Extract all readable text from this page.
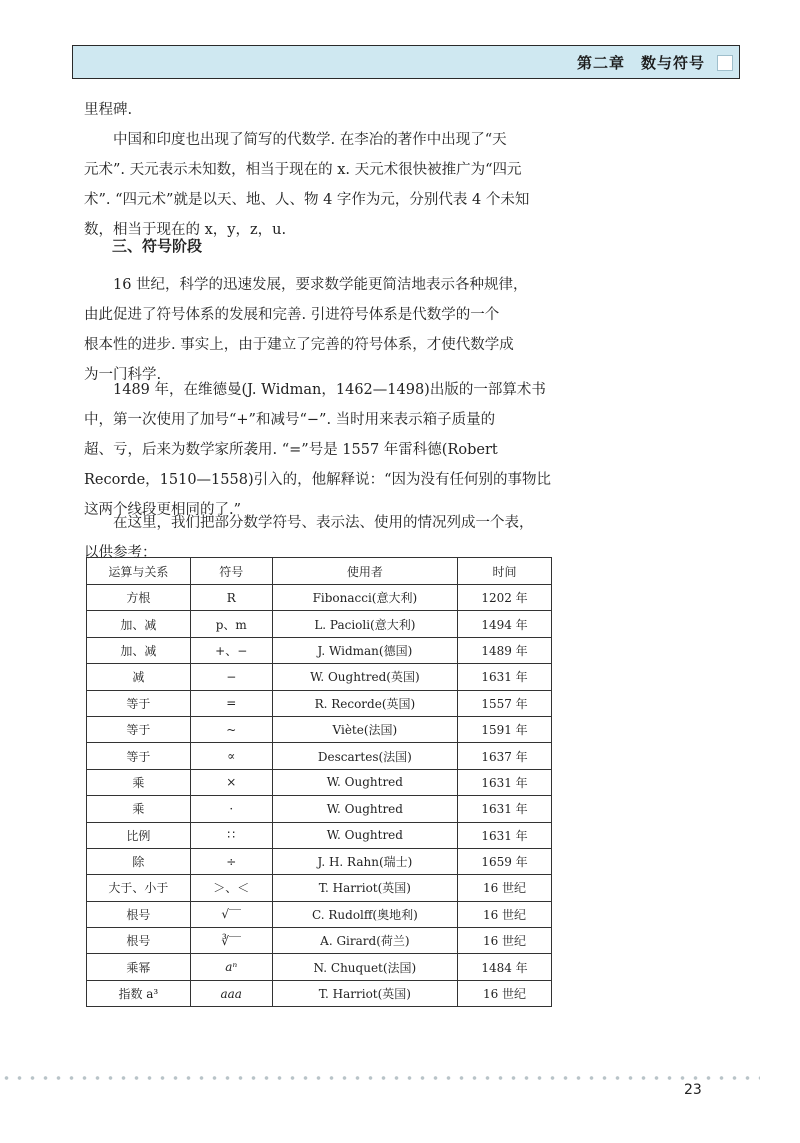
第二章　数与符号

里程碑.

中国和印度也出现了简写的代数学. 在李冶的著作中出现了“天
元术”. 天元表示未知数，相当于现在的 x. 天元术很快被推广为“四元
术”. “四元术”就是以天、地、人、物 4 字作为元，分别代表 4 个未知
数，相当于现在的 x，y，z，u.
三、符号阶段
16 世纪，科学的迅速发展，要求数学能更简洁地表示各种规律，
由此促进了符号体系的发展和完善. 引进符号体系是代数学的一个
根本性的进步. 事实上，由于建立了完善的符号体系，才使代数学成
为一门科学.
1489 年，在维德曼(J. Widman，1462—1498)出版的一部算术书
中，第一次使用了加号“+”和减号“−”. 当时用来表示箱子质量的
超、亏，后来为数学家所袭用. “=”号是 1557 年雷科德(Robert
Recorde，1510—1558)引入的，他解释说：“因为没有任何别的事物比
这两个线段更相同的了.”
在这里，我们把部分数学符号、表示法、使用的情况列成一个表，
以供参考：
运算与关系	符号	使用者	时间
方根	R	Fibonacci(意大利)	1202 年
加、减	p、m	L. Pacioli(意大利)	1494 年
加、减	+、−	J. Widman(德国)	1489 年
减	−	W. Oughtred(英国)	1631 年
等于	=	R. Recorde(英国)	1557 年
等于	~	Viète(法国)	1591 年
等于	∝	Descartes(法国)	1637 年
乘	×	W. Oughtred	1631 年
乘	·	W. Oughtred	1631 年
比例	∷	W. Oughtred	1631 年
除	÷	J. H. Rahn(瑞士)	1659 年
大于、小于	＞、＜	T. Harriot(英国)	16 世纪
根号	√‾‾	C. Rudolff(奥地利)	16 世纪
根号	∛‾‾	A. Girard(荷兰)	16 世纪
乘幂	aⁿ	N. Chuquet(法国)	1484 年
指数 a³	aaa	T. Harriot(英国)	16 世纪
23
